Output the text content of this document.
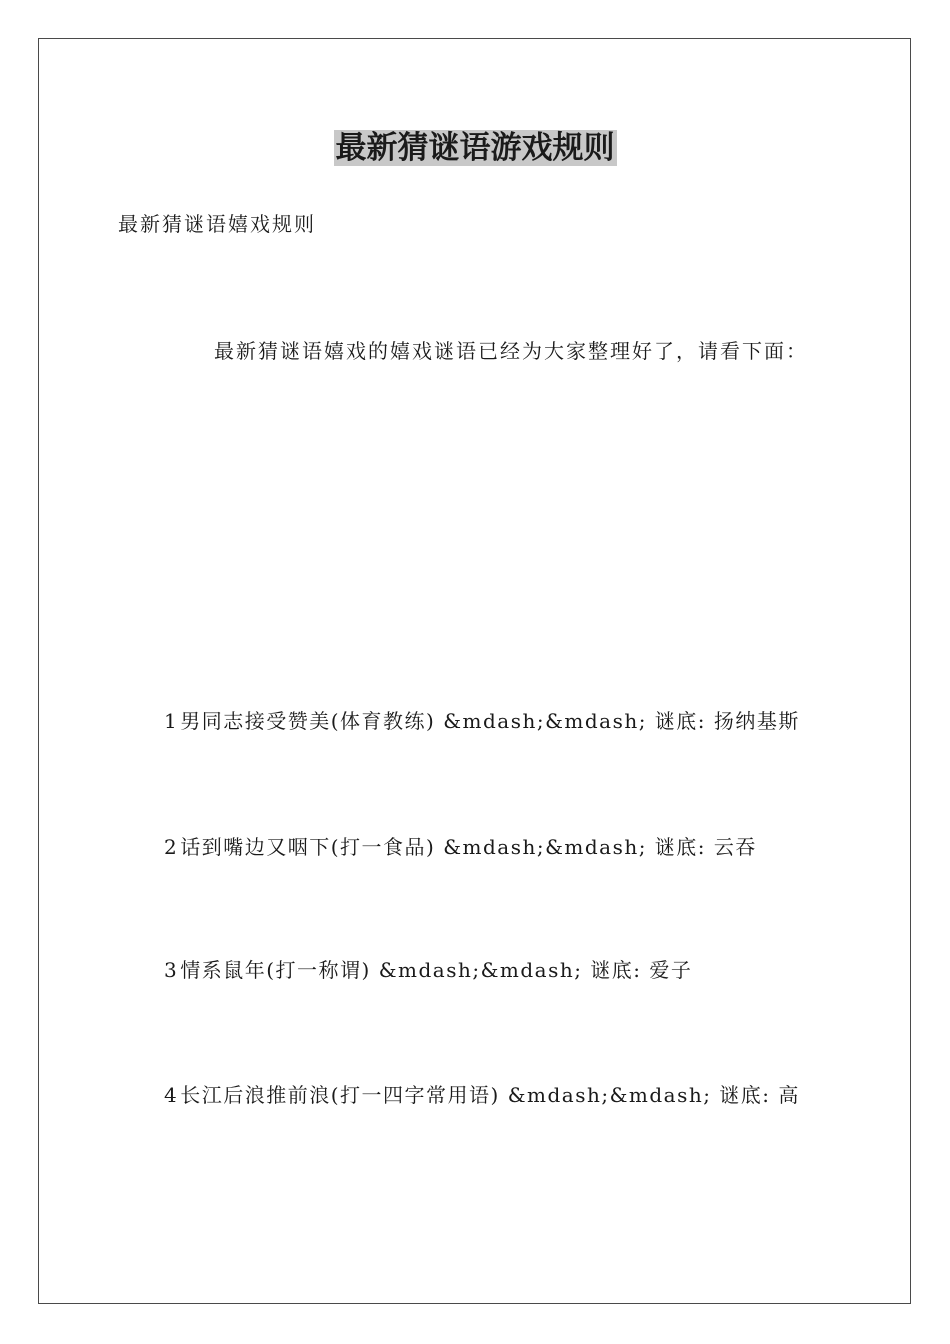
最新猜谜语游戏规则
最新猜谜语嬉戏规则
最新猜谜语嬉戏的嬉戏谜语已经为大家整理好了，请看下面：
1 男同志接受赞美(体育教练) &mdash;&mdash; 谜底: 扬纳基斯
2 话到嘴边又咽下(打一食品) &mdash;&mdash; 谜底: 云吞
3 情系鼠年(打一称谓) &mdash;&mdash; 谜底: 爱子
4 长江后浪推前浪(打一四字常用语) &mdash;&mdash; 谜底: 高
